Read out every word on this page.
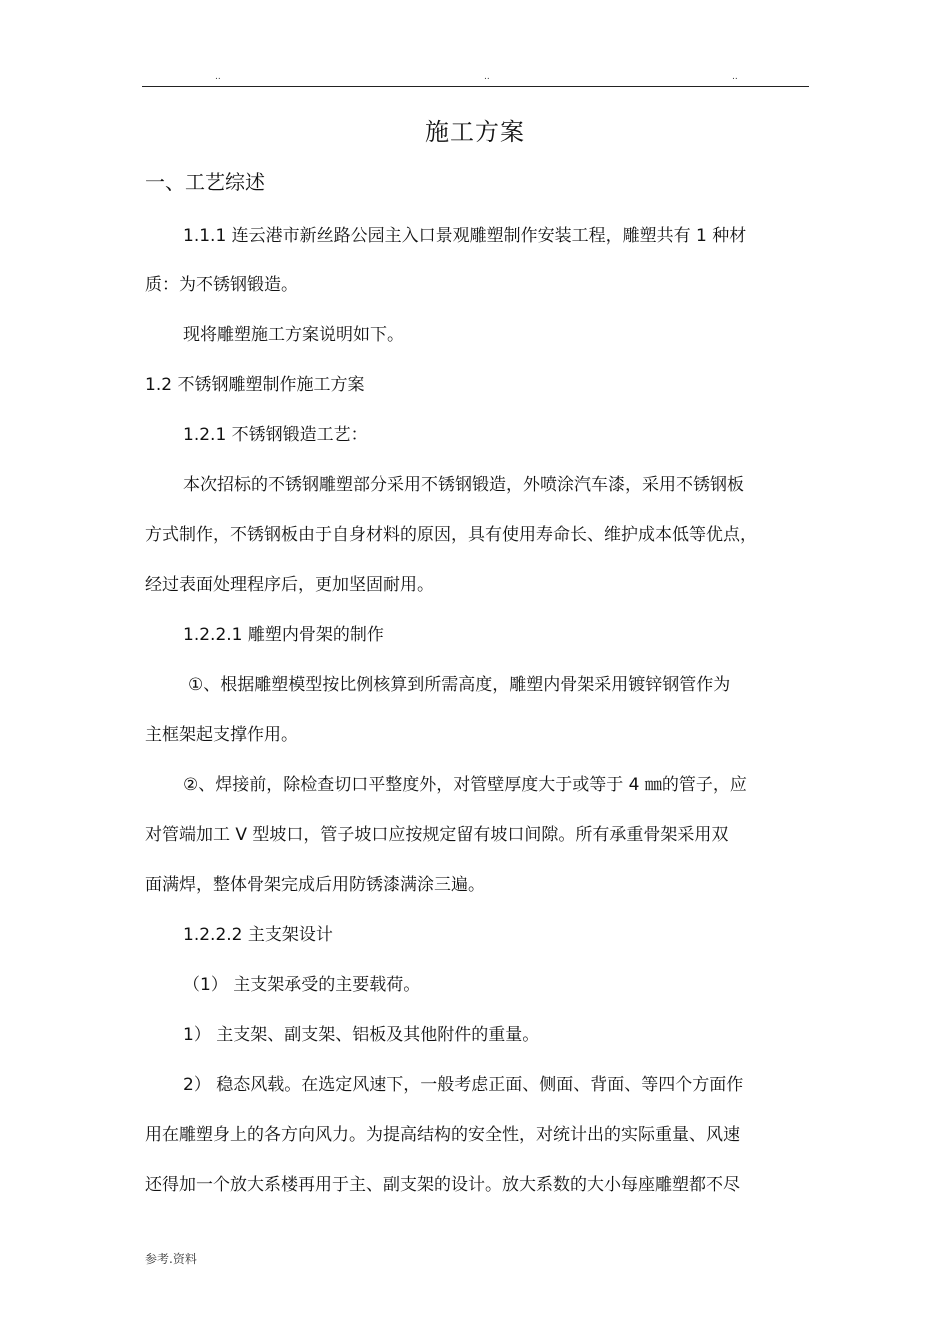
..	..	..
施工方案
一、工艺综述
1.1.1 连云港市新丝路公园主入口景观雕塑制作安装工程，雕塑共有 1 种材
质：为不锈钢锻造。
现将雕塑施工方案说明如下。
1.2 不锈钢雕塑制作施工方案
1.2.1 不锈钢锻造工艺：
本次招标的不锈钢雕塑部分采用不锈钢锻造，外喷涂汽车漆，采用不锈钢板
方式制作，不锈钢板由于自身材料的原因，具有使用寿命长、维护成本低等优点，
经过表面处理程序后，更加坚固耐用。
1.2.2.1 雕塑内骨架的制作
①、根据雕塑模型按比例核算到所需高度，雕塑内骨架采用镀锌钢管作为
主框架起支撑作用。
②、焊接前，除检查切口平整度外，对管壁厚度大于或等于 4 ㎜的管子，应
对管端加工 V 型坡口，管子坡口应按规定留有坡口间隙。所有承重骨架采用双
面满焊，整体骨架完成后用防锈漆满涂三遍。
1.2.2.2 主支架设计
（1） 主支架承受的主要载荷。
1） 主支架、副支架、铝板及其他附件的重量。
2） 稳态风载。在选定风速下，一般考虑正面、侧面、背面、等四个方面作
用在雕塑身上的各方向风力。为提高结构的安全性，对统计出的实际重量、风速
还得加一个放大系楼再用于主、副支架的设计。放大系数的大小每座雕塑都不尽
参考.资料
